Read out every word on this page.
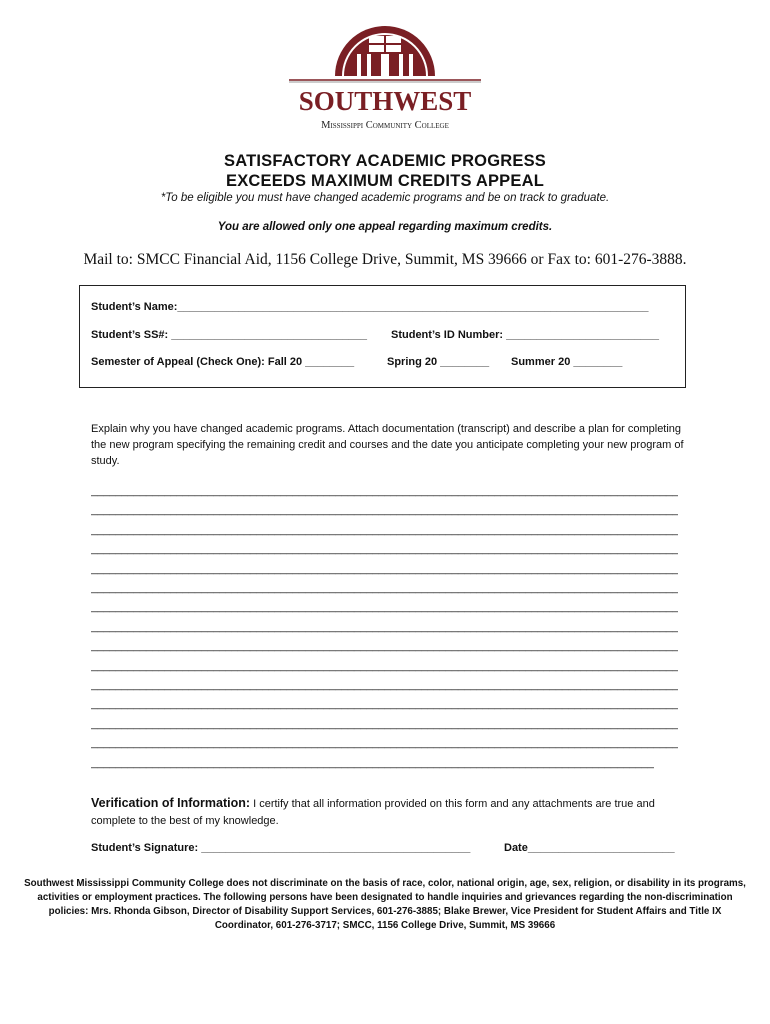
SOUTHWEST
Mississippi Community College
SATISFACTORY ACADEMIC PROGRESS
EXCEEDS MAXIMUM CREDITS APPEAL
*To be eligible you must have changed academic programs and be on track to graduate.
You are allowed only one appeal regarding maximum credits.
Mail to: SMCC Financial Aid, 1156 College Drive, Summit, MS 39666 or Fax to: 601-276-3888.
Student’s Name:_____________________________________________________________________________
Student’s SS#: ________________________________ Student’s ID Number: _________________________
Semester of Appeal (Check One): Fall 20 ________	Spring 20 ________ Summer 20 ________
Explain why you have changed academic programs. Attach documentation (transcript) and describe a plan for completing the new program specifying the remaining credit and courses and the date you anticipate completing your new program of study.
________________________________________________________________________________________________
________________________________________________________________________________________________
________________________________________________________________________________________________
________________________________________________________________________________________________
________________________________________________________________________________________________
________________________________________________________________________________________________
________________________________________________________________________________________________
________________________________________________________________________________________________
________________________________________________________________________________________________
________________________________________________________________________________________________
________________________________________________________________________________________________
________________________________________________________________________________________________
________________________________________________________________________________________________
________________________________________________________________________________________________
____________________________________________________________________________________________
Verification of Information: I certify that all information provided on this form and any attachments are true and complete to the best of my knowledge.
Student’s Signature: ____________________________________________	Date________________________
Southwest Mississippi Community College does not discriminate on the basis of race, color, national origin, age, sex, religion, or disability in its programs, activities or employment practices. The following persons have been designated to handle inquiries and grievances regarding the non-discrimination policies: Mrs. Rhonda Gibson, Director of Disability Support Services, 601-276-3885; Blake Brewer, Vice President for Student Affairs and Title IX Coordinator, 601-276-3717; SMCC, 1156 College Drive, Summit, MS 39666
